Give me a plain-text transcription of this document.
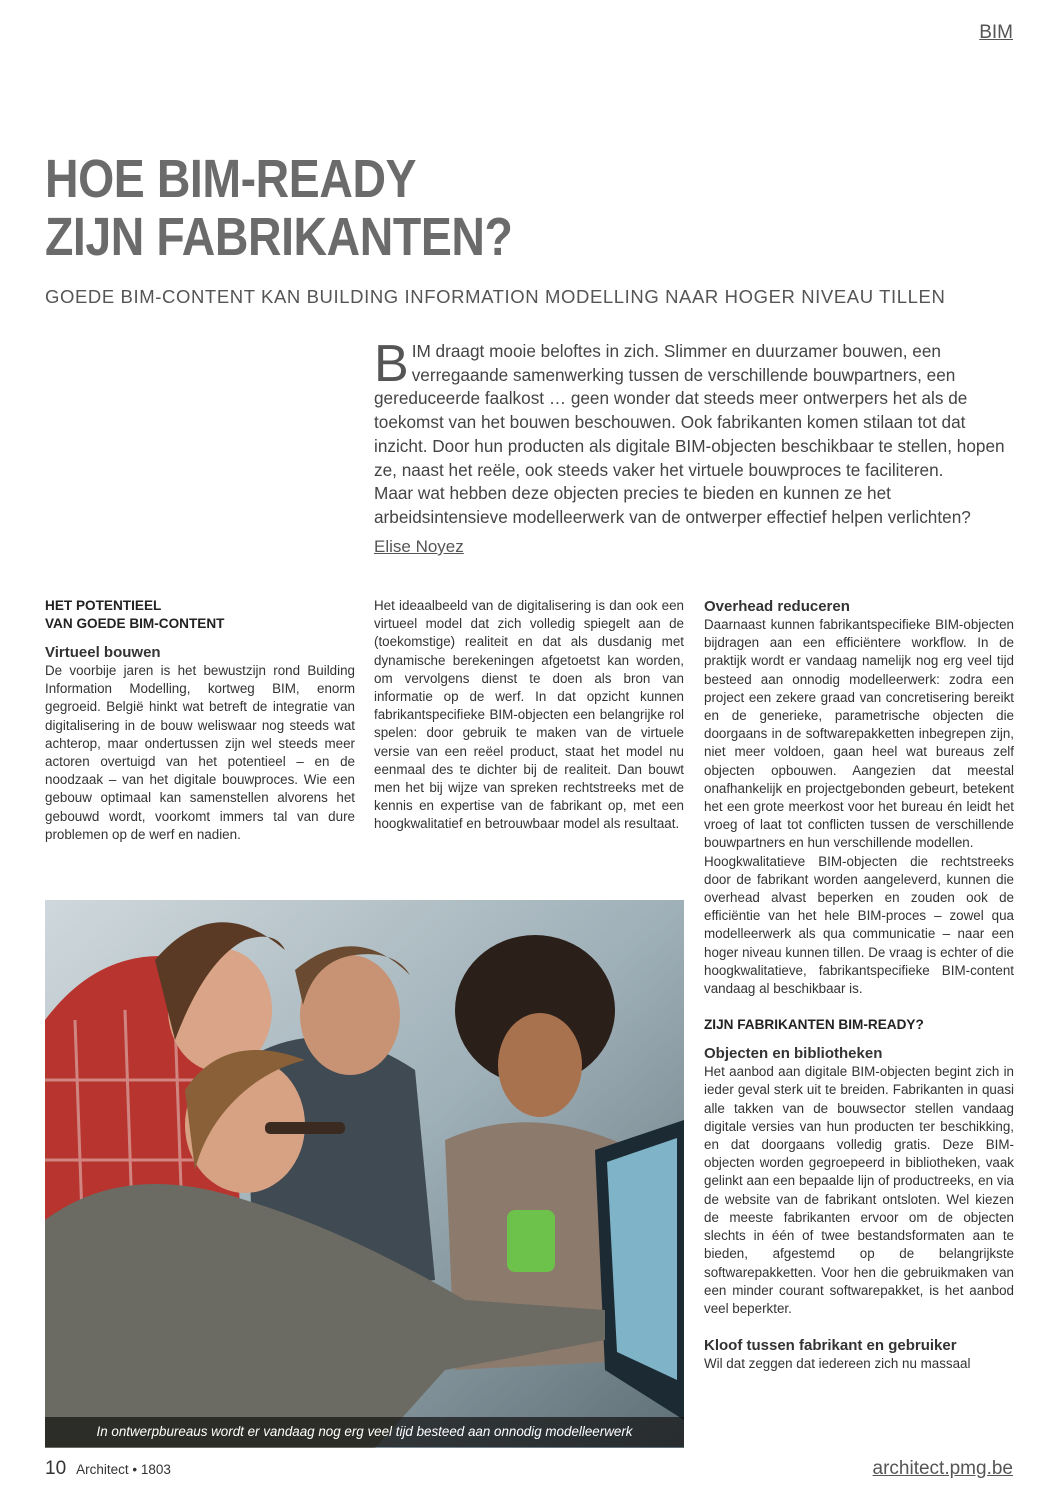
BIM
HOE BIM-READY
ZIJN FABRIKANTEN?
GOEDE BIM-CONTENT KAN BUILDING INFORMATION MODELLING NAAR HOGER NIVEAU TILLEN
BIM draagt mooie beloftes in zich. Slimmer en duurzamer bouwen, een verregaande samenwerking tussen de verschillende bouwpartners, een gereduceerde faalkost … geen wonder dat steeds meer ontwerpers het als de toekomst van het bouwen beschouwen. Ook fabrikanten komen stilaan tot dat inzicht. Door hun producten als digitale BIM-objecten beschikbaar te stellen, hopen ze, naast het reële, ook steeds vaker het virtuele bouwproces te faciliteren.
Maar wat hebben deze objecten precies te bieden en kunnen ze het arbeidsintensieve modelleerwerk van de ontwerper effectief helpen verlichten?
Elise Noyez
HET POTENTIEEL
VAN GOEDE BIM-CONTENT
Virtueel bouwen

De voorbije jaren is het bewustzijn rond Building Information Modelling, kortweg BIM, enorm gegroeid. België hinkt wat betreft de integratie van digitalisering in de bouw weliswaar nog steeds wat achterop, maar ondertussen zijn wel steeds meer actoren overtuigd van het potentieel – en de noodzaak – van het digitale bouwproces. Wie een gebouw optimaal kan samenstellen alvorens het gebouwd wordt, voorkomt immers tal van dure problemen op de werf en nadien.

Het ideaalbeeld van de digitalisering is dan ook een virtueel model dat zich volledig spiegelt aan de (toekomstige) realiteit en dat als dusdanig met dynamische berekeningen afgetoetst kan worden, om vervolgens dienst te doen als bron van informatie op de werf. In dat opzicht kunnen fabrikantspecifieke BIM-objecten een belangrijke rol spelen: door gebruik te maken van de virtuele versie van een reëel product, staat het model nu eenmaal des te dichter bij de realiteit. Dan bouwt men het bij wijze van spreken rechtstreeks met de kennis en expertise van de fabrikant op, met een hoogkwalitatief en betrouwbaar model als resultaat.

Overhead reduceren

Daarnaast kunnen fabrikantspecifieke BIM-objecten bijdragen aan een efficiëntere workflow. In de praktijk wordt er vandaag namelijk nog erg veel tijd besteed aan onnodig modelleerwerk: zodra een project een zekere graad van concretisering bereikt en de generieke, parametrische objecten die doorgaans in de softwarepakketten inbegrepen zijn, niet meer voldoen, gaan heel wat bureaus zelf objecten opbouwen. Aangezien dat meestal onafhankelijk en projectgebonden gebeurt, betekent het een grote meerkost voor het bureau én leidt het vroeg of laat tot conflicten tussen de verschillende bouwpartners en hun verschillende modellen.

Hoogkwalitatieve BIM-objecten die rechtstreeks door de fabrikant worden aangeleverd, kunnen die overhead alvast beperken en zouden ook de efficiëntie van het hele BIM-proces – zowel qua modelleerwerk als qua communicatie – naar een hoger niveau kunnen tillen. De vraag is echter of die hoogkwalitatieve, fabrikantspecifieke BIM-content vandaag al beschikbaar is.

ZIJN FABRIKANTEN BIM-READY?
Objecten en bibliotheken

Het aanbod aan digitale BIM-objecten begint zich in ieder geval sterk uit te breiden. Fabrikanten in quasi alle takken van de bouwsector stellen vandaag digitale versies van hun producten ter beschikking, en dat doorgaans volledig gratis. Deze BIM-objecten worden gegroepeerd in bibliotheken, vaak gelinkt aan een bepaalde lijn of productreeks, en via de website van de fabrikant ontsloten. Wel kiezen de meeste fabrikanten ervoor om de objecten slechts in één of twee bestandsformaten aan te bieden, afgestemd op de belangrijkste softwarepakketten. Voor hen die gebruikmaken van een minder courant softwarepakket, is het aanbod veel beperkter.

Kloof tussen fabrikant en gebruiker

Wil dat zeggen dat iedereen zich nu massaal

In ontwerpbureaus wordt er vandaag nog erg veel tijd besteed aan onnodig modelleerwerk
10 Architect • 1803	architect.pmg.be
